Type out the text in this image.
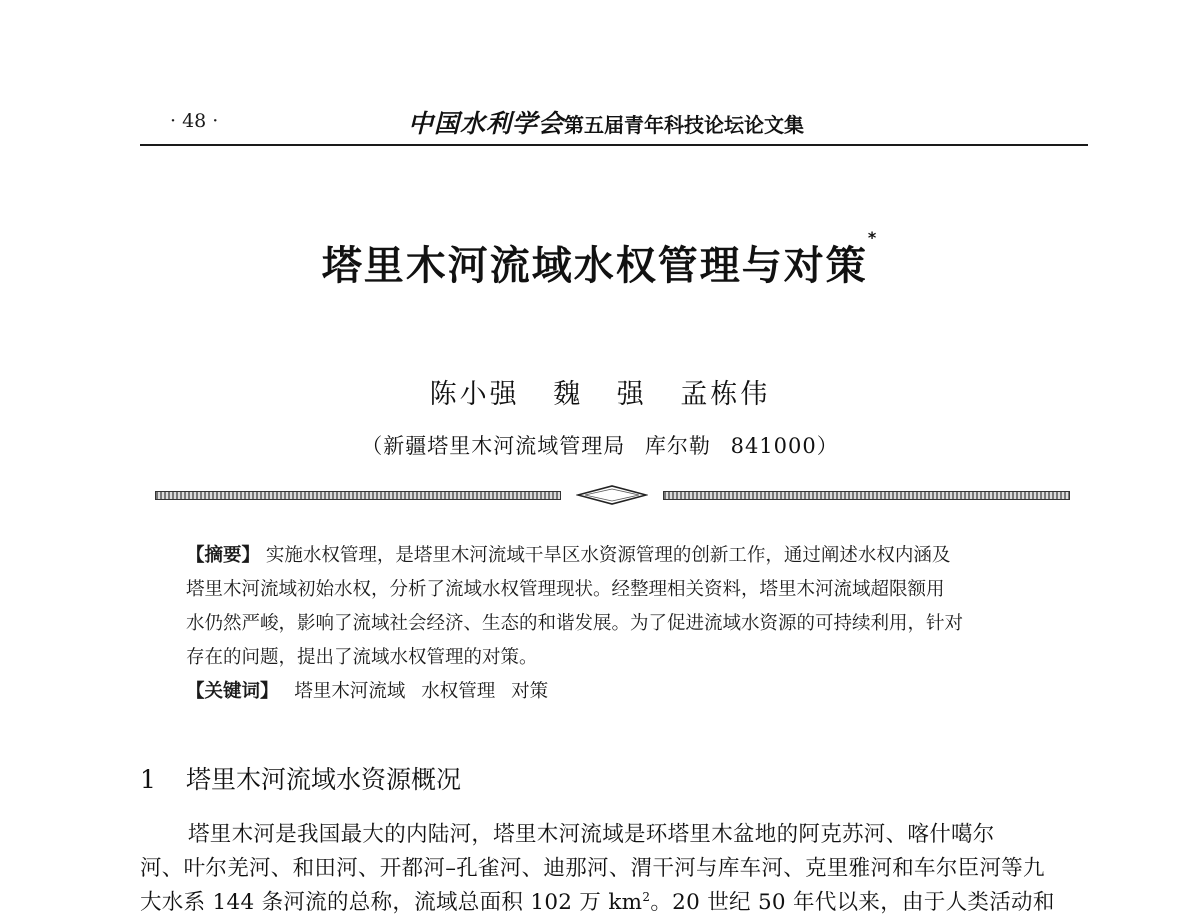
· 48 ·	中国水利学会第五届青年科技论坛论文集
塔里木河流域水权管理与对策*
陈小强 魏 强 孟栋伟
（新疆塔里木河流域管理局 库尔勒 841000）
【摘要】 实施水权管理，是塔里木河流域干旱区水资源管理的创新工作，通过阐述水权内涵及
塔里木河流域初始水权，分析了流域水权管理现状。经整理相关资料，塔里木河流域超限额用
水仍然严峻，影响了流域社会经济、生态的和谐发展。为了促进流域水资源的可持续利用，针对
存在的问题，提出了流域水权管理的对策。
【关键词】 塔里木河流域 水权管理 对策
1 塔里木河流域水资源概况
塔里木河是我国最大的内陆河，塔里木河流域是环塔里木盆地的阿克苏河、喀什噶尔
河、叶尔羌河、和田河、开都河–孔雀河、迪那河、渭干河与库车河、克里雅河和车尔臣河等九
大水系 144 条河流的总称，流域总面积 102 万 $km^2$。20 世纪 50 年代以来，由于人类活动和
